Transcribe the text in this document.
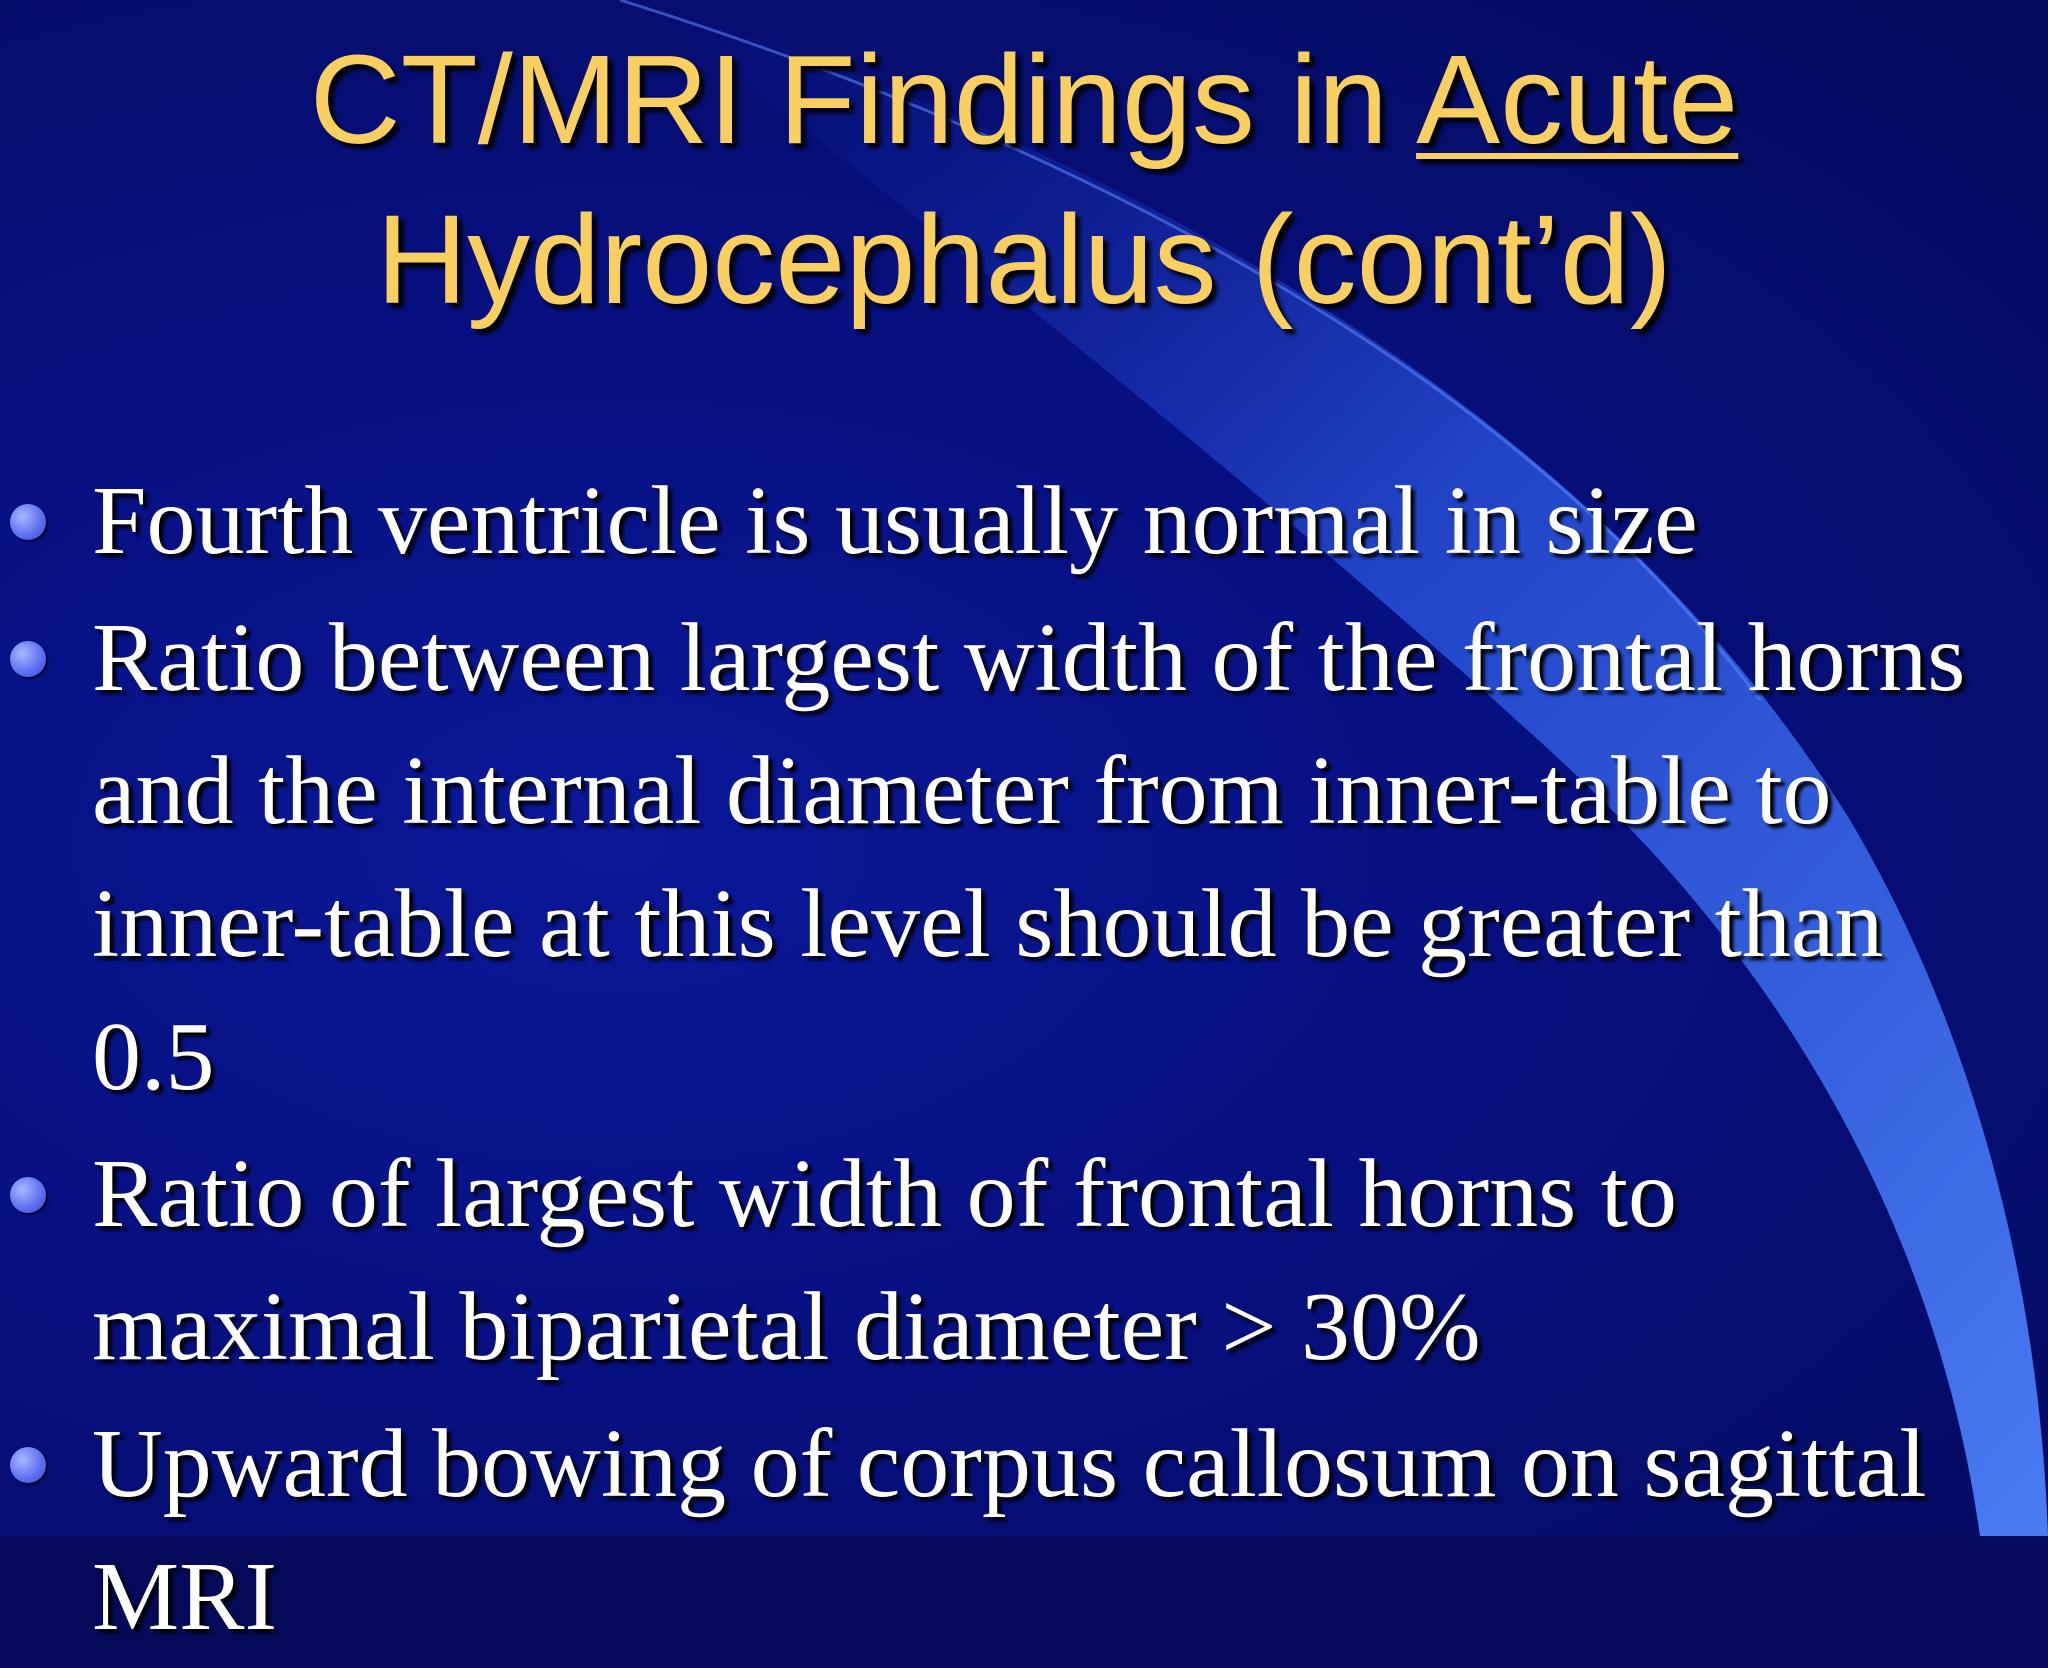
CT/MRI Findings in Acute
Hydrocephalus (cont’d)
Fourth ventricle is usually normal in size
Ratio between largest width of the frontal horns and the internal diameter from inner-table to inner-table at this level should be greater than 0.5
Ratio of largest width of frontal horns to maximal biparietal diameter > 30%
Upward bowing of corpus callosum on sagittal MRI
